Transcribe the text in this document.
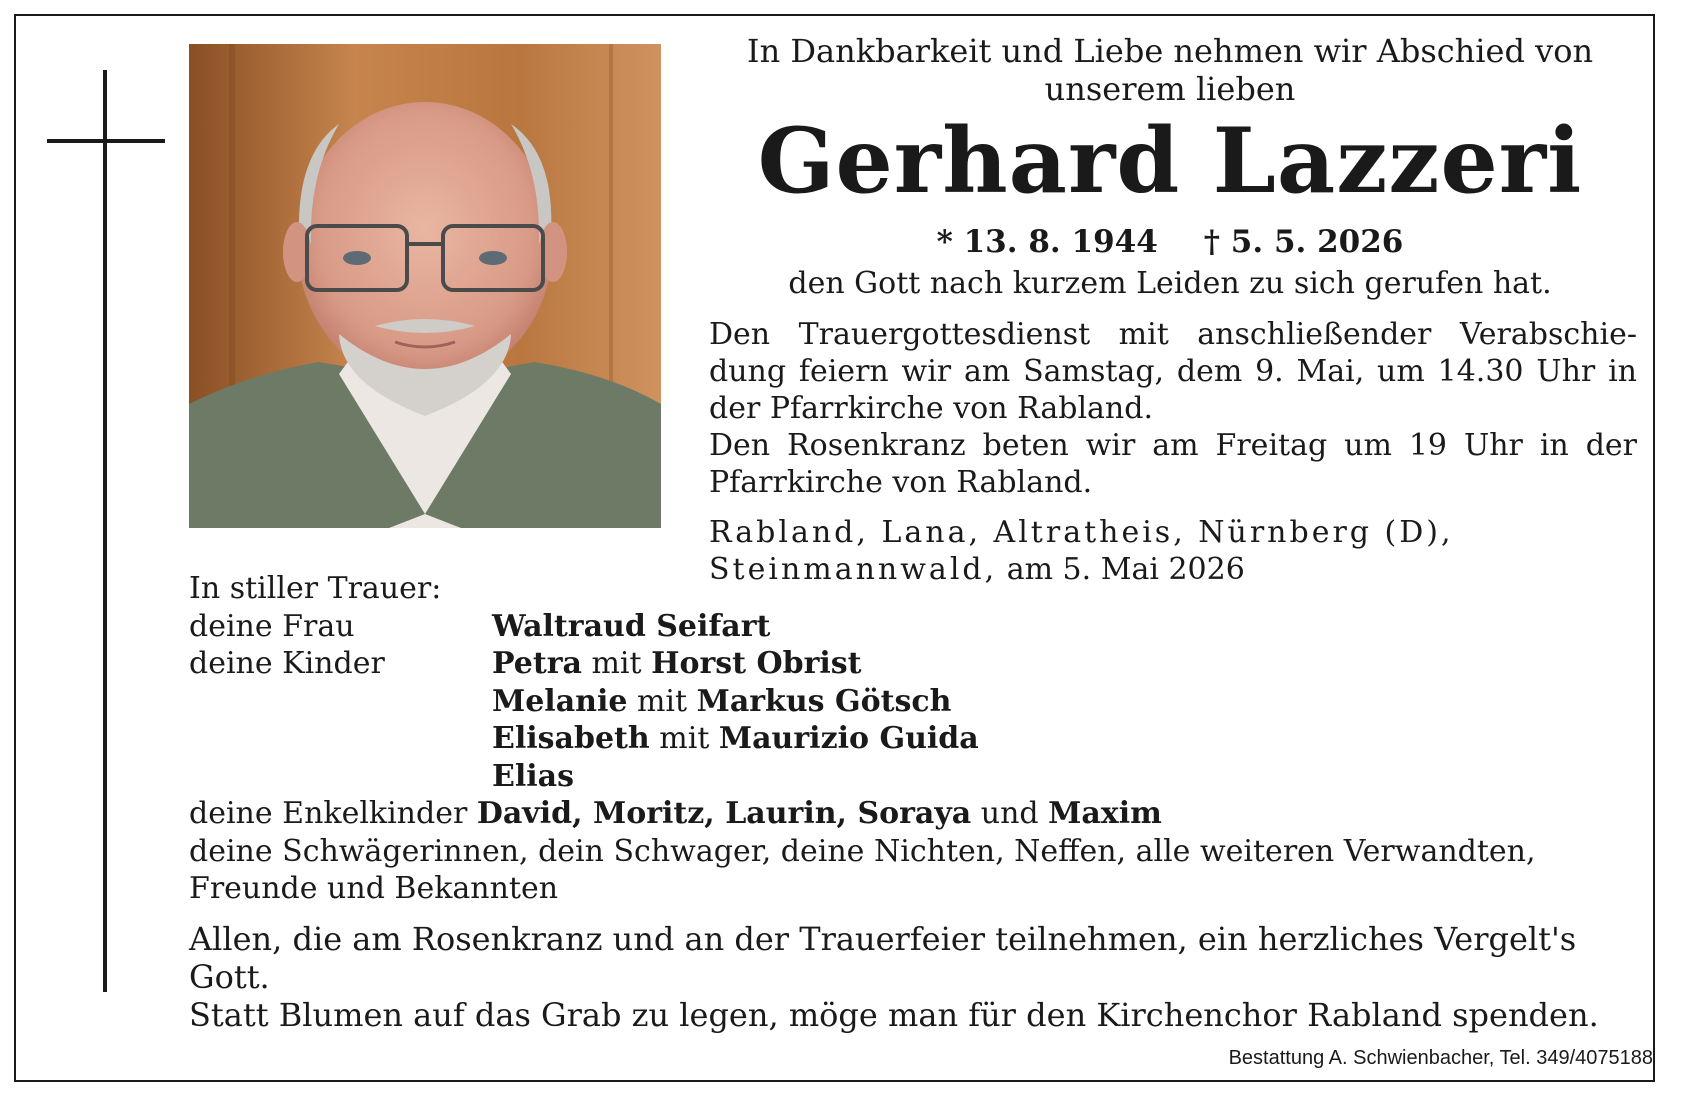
In Dankbarkeit und Liebe nehmen wir Abschied von
unserem lieben
Gerhard Lazzeri
* 13. 8. 1944 † 5. 5. 2026
den Gott nach kurzem Leiden zu sich gerufen hat.

Den Trauergottesdienst mit anschließender Verabschie- dung feiern wir am Samstag, dem 9. Mai, um 14.30 Uhr in der Pfarrkirche von Rabland.

Den Rosenkranz beten wir am Freitag um 19 Uhr in der Pfarrkirche von Rabland.

Rabland, Lana, Altratheis, Nürnberg (D),
Steinmannwald, am 5. Mai 2026
In stiller Trauer:
deine Frau	Waltraud Seifart
deine Kinder	Petra mit Horst Obrist
Melanie mit Markus Götsch
Elisabeth mit Maurizio Guida
Elias
deine Enkelkinder David, Moritz, Laurin, Soraya und Maxim
deine Schwägerinnen, dein Schwager, deine Nichten, Neffen, alle weiteren Verwandten,
Freunde und Bekannten

Allen, die am Rosenkranz und an der Trauerfeier teilnehmen, ein herzliches Vergelt's Gott.

Statt Blumen auf das Grab zu legen, möge man für den Kirchenchor Rabland spenden.

Bestattung A. Schwienbacher, Tel. 349/4075188
